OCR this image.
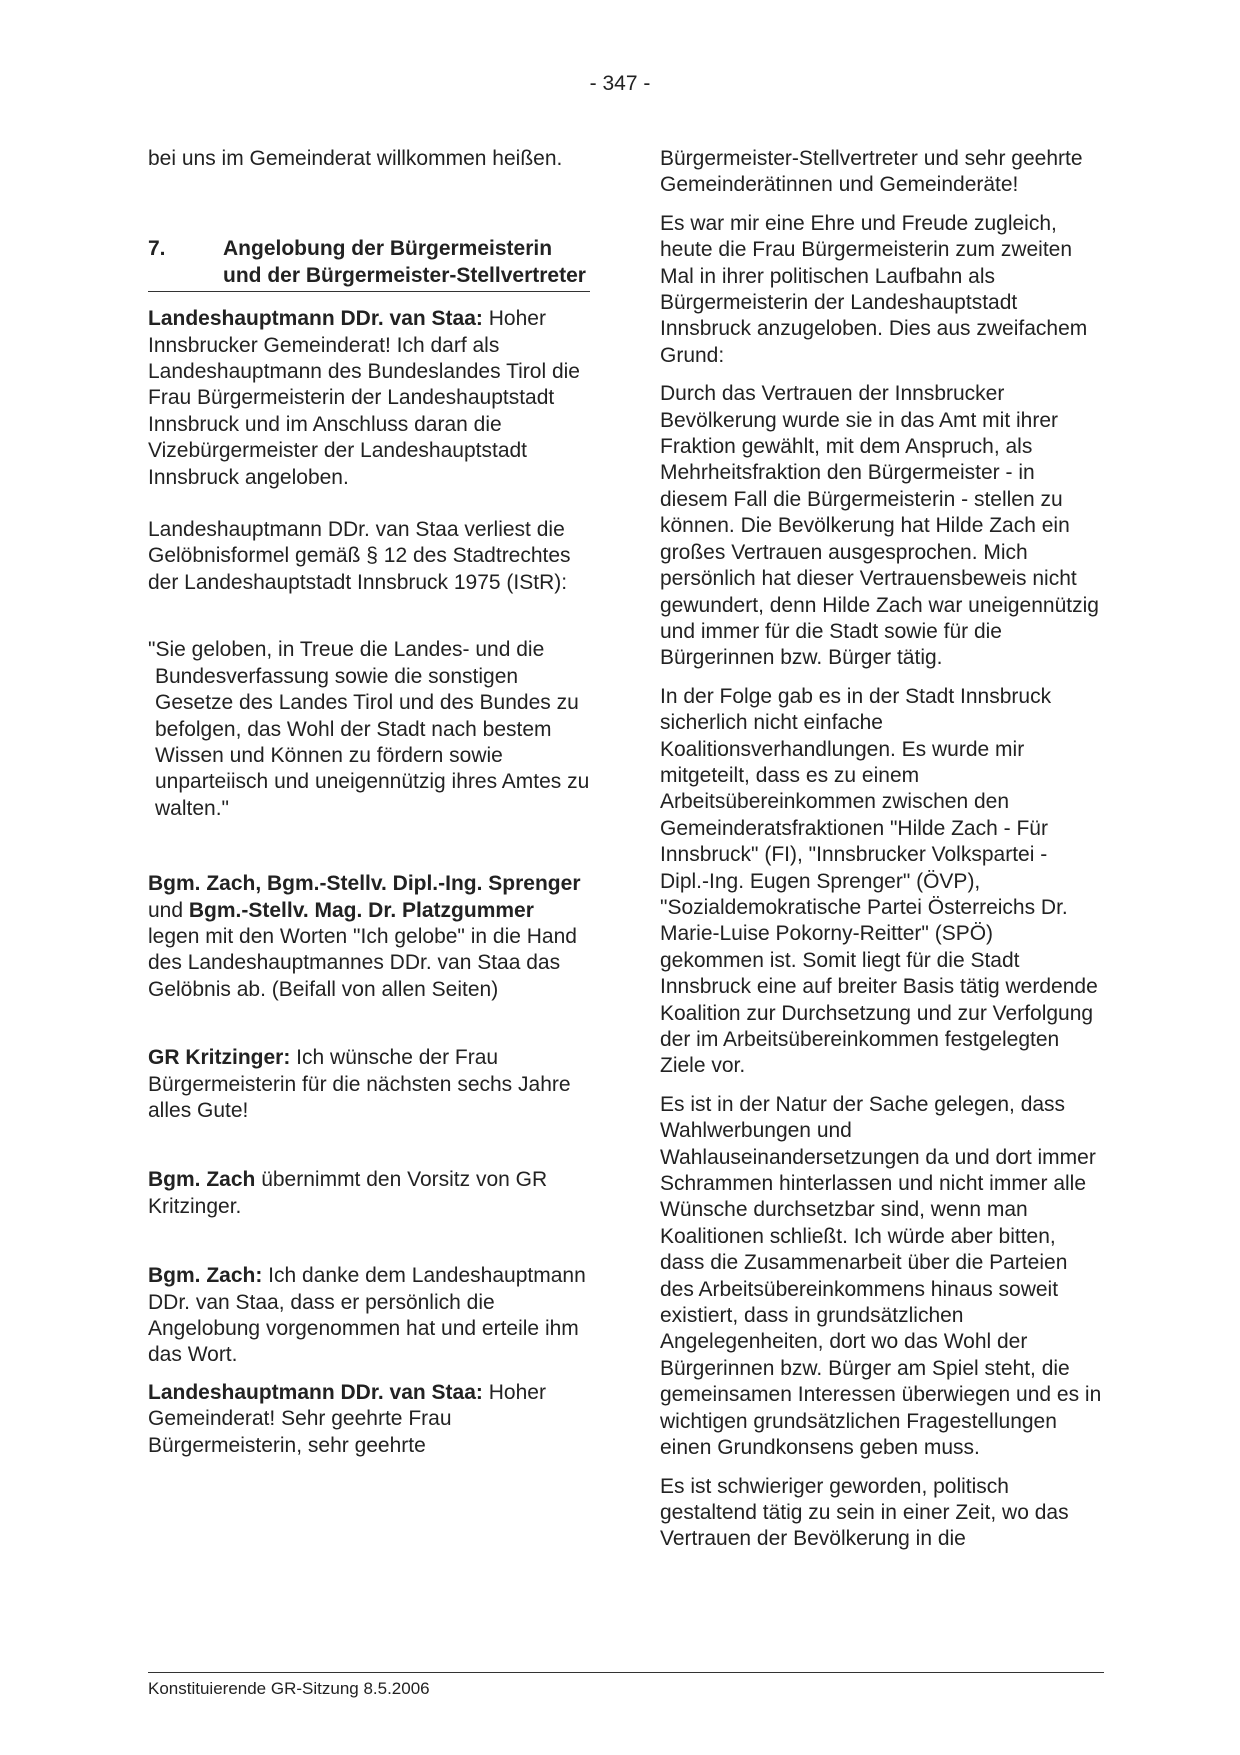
- 347 -

bei uns im Gemeinderat willkommen heißen.

7.	Angelobung der Bürgermeisterin und der Bürgermeister-Stellvertreter

Landeshauptmann DDr. van Staa: Hoher Innsbrucker Gemeinderat! Ich darf als Landeshauptmann des Bundeslandes Tirol die Frau Bürgermeisterin der Landeshauptstadt Innsbruck und im Anschluss daran die Vizebürgermeister der Landeshauptstadt Innsbruck angeloben.

Landeshauptmann DDr. van Staa verliest die Gelöbnisformel gemäß § 12 des Stadtrechtes der Landeshauptstadt Innsbruck 1975 (IStR):

"Sie geloben, in Treue die Landes- und die Bundesverfassung sowie die sonstigen Gesetze des Landes Tirol und des Bundes zu befolgen, das Wohl der Stadt nach bestem Wissen und Können zu fördern sowie unparteiisch und uneigennützig ihres Amtes zu walten."

Bgm. Zach, Bgm.-Stellv. Dipl.-Ing. Sprenger und Bgm.-Stellv. Mag. Dr. Platzgummer legen mit den Worten "Ich gelobe" in die Hand des Landeshauptmannes DDr. van Staa das Gelöbnis ab. (Beifall von allen Seiten)

GR Kritzinger: Ich wünsche der Frau Bürgermeisterin für die nächsten sechs Jahre alles Gute!

Bgm. Zach übernimmt den Vorsitz von GR Kritzinger.

Bgm. Zach: Ich danke dem Landeshauptmann DDr. van Staa, dass er persönlich die Angelobung vorgenommen hat und erteile ihm das Wort.

Landeshauptmann DDr. van Staa: Hoher Gemeinderat! Sehr geehrte Frau Bürgermeisterin, sehr geehrte

Bürgermeister-Stellvertreter und sehr geehrte Gemeinderätinnen und Gemeinderäte!

Es war mir eine Ehre und Freude zugleich, heute die Frau Bürgermeisterin zum zweiten Mal in ihrer politischen Laufbahn als Bürgermeisterin der Landeshauptstadt Innsbruck anzugeloben. Dies aus zweifachem Grund:

Durch das Vertrauen der Innsbrucker Bevölkerung wurde sie in das Amt mit ihrer Fraktion gewählt, mit dem Anspruch, als Mehrheitsfraktion den Bürgermeister - in diesem Fall die Bürgermeisterin - stellen zu können. Die Bevölkerung hat Hilde Zach ein großes Vertrauen ausgesprochen. Mich persönlich hat dieser Vertrauensbeweis nicht gewundert, denn Hilde Zach war uneigennützig und immer für die Stadt sowie für die Bürgerinnen bzw. Bürger tätig.

In der Folge gab es in der Stadt Innsbruck sicherlich nicht einfache Koalitionsverhandlungen. Es wurde mir mitgeteilt, dass es zu einem Arbeitsübereinkommen zwischen den Gemeinderatsfraktionen "Hilde Zach - Für Innsbruck" (FI), "Innsbrucker Volkspartei - Dipl.-Ing. Eugen Sprenger" (ÖVP), "Sozialdemokratische Partei Österreichs Dr. Marie-Luise Pokorny-Reitter" (SPÖ) gekommen ist. Somit liegt für die Stadt Innsbruck eine auf breiter Basis tätig werdende Koalition zur Durchsetzung und zur Verfolgung der im Arbeitsübereinkommen festgelegten Ziele vor.

Es ist in der Natur der Sache gelegen, dass Wahlwerbungen und Wahlauseinandersetzungen da und dort immer Schrammen hinterlassen und nicht immer alle Wünsche durchsetzbar sind, wenn man Koalitionen schließt. Ich würde aber bitten, dass die Zusammenarbeit über die Parteien des Arbeitsübereinkommens hinaus soweit existiert, dass in grundsätzlichen Angelegenheiten, dort wo das Wohl der Bürgerinnen bzw. Bürger am Spiel steht, die gemeinsamen Interessen überwiegen und es in wichtigen grundsätzlichen Fragestellungen einen Grundkonsens geben muss.

Es ist schwieriger geworden, politisch gestaltend tätig zu sein in einer Zeit, wo das Vertrauen der Bevölkerung in die

Konstituierende GR-Sitzung 8.5.2006
